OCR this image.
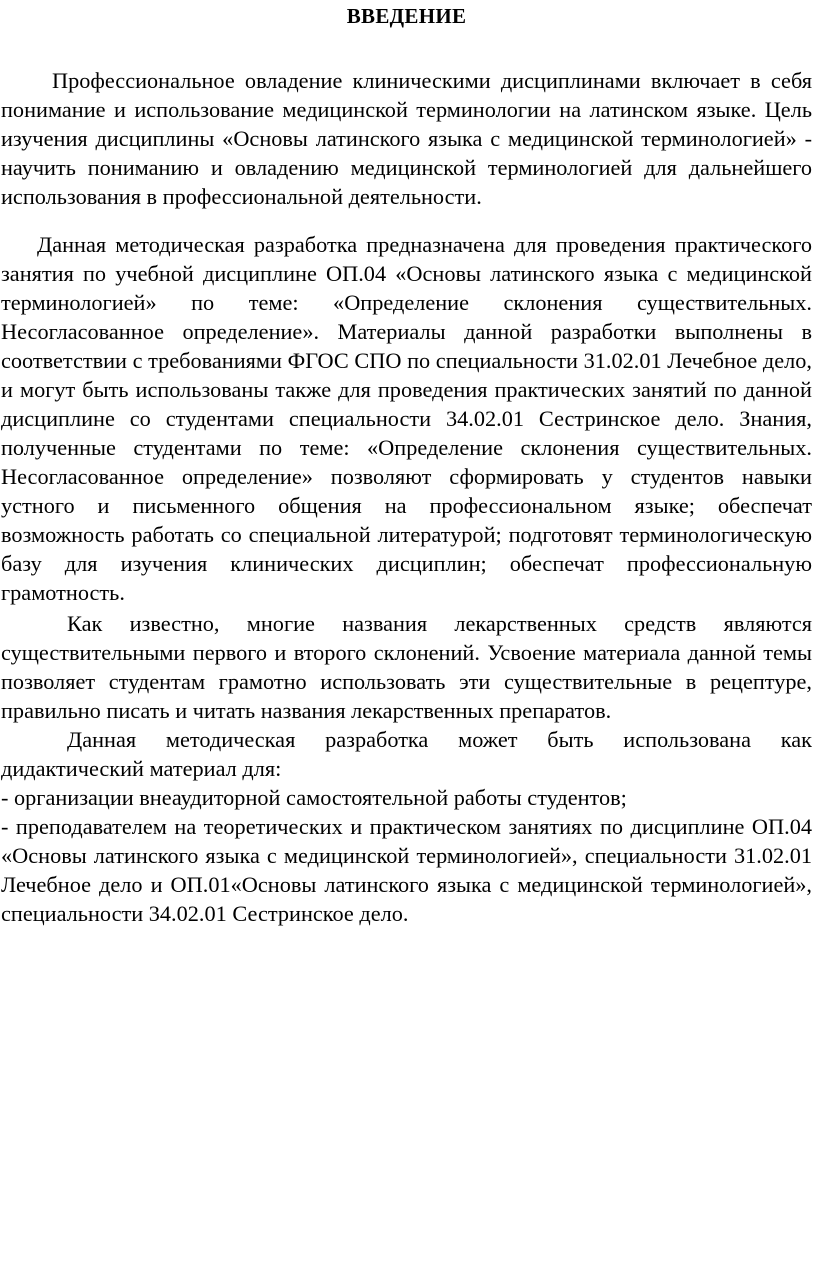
ВВЕДЕНИЕ

Профессиональное овладение клиническими дисциплинами включает в себя понимание и использование медицинской терминологии на латинском языке. Цель изучения дисциплины «Основы латинского языка с медицинской терминологией» - научить пониманию и овладению медицинской терминологией для дальнейшего использования в профессиональной деятельности.

Данная методическая разработка предназначена для проведения практического занятия по учебной дисциплине ОП.04 «Основы латинского языка с медицинской терминологией» по теме: «Определение склонения существительных. Несогласованное определение». Материалы данной разработки выполнены в соответствии с требованиями ФГОС СПО по специальности 31.02.01 Лечебное дело, и могут быть использованы также для проведения практических занятий по данной дисциплине со студентами специальности 34.02.01 Сестринское дело. Знания, полученные студентами по теме: «Определение склонения существительных. Несогласованное определение» позволяют сформировать у студентов навыки устного и письменного общения на профессиональном языке; обеспечат возможность работать со специальной литературой; подготовят терминологическую базу для изучения клинических дисциплин; обеспечат профессиональную грамотность.

Как известно, многие названия лекарственных средств являются существительными первого и второго склонений. Усвоение материала данной темы позволяет студентам грамотно использовать эти существительные в рецептуре, правильно писать и читать названия лекарственных препаратов.

Данная методическая разработка может быть использована как дидактический материал для:

- организации внеаудиторной самостоятельной работы студентов;

- преподавателем на теоретических и практическом занятиях по дисциплине ОП.04 «Основы латинского языка с медицинской терминологией», специальности 31.02.01 Лечебное дело и ОП.01«Основы латинского языка с медицинской терминологией», специальности 34.02.01 Сестринское дело.
